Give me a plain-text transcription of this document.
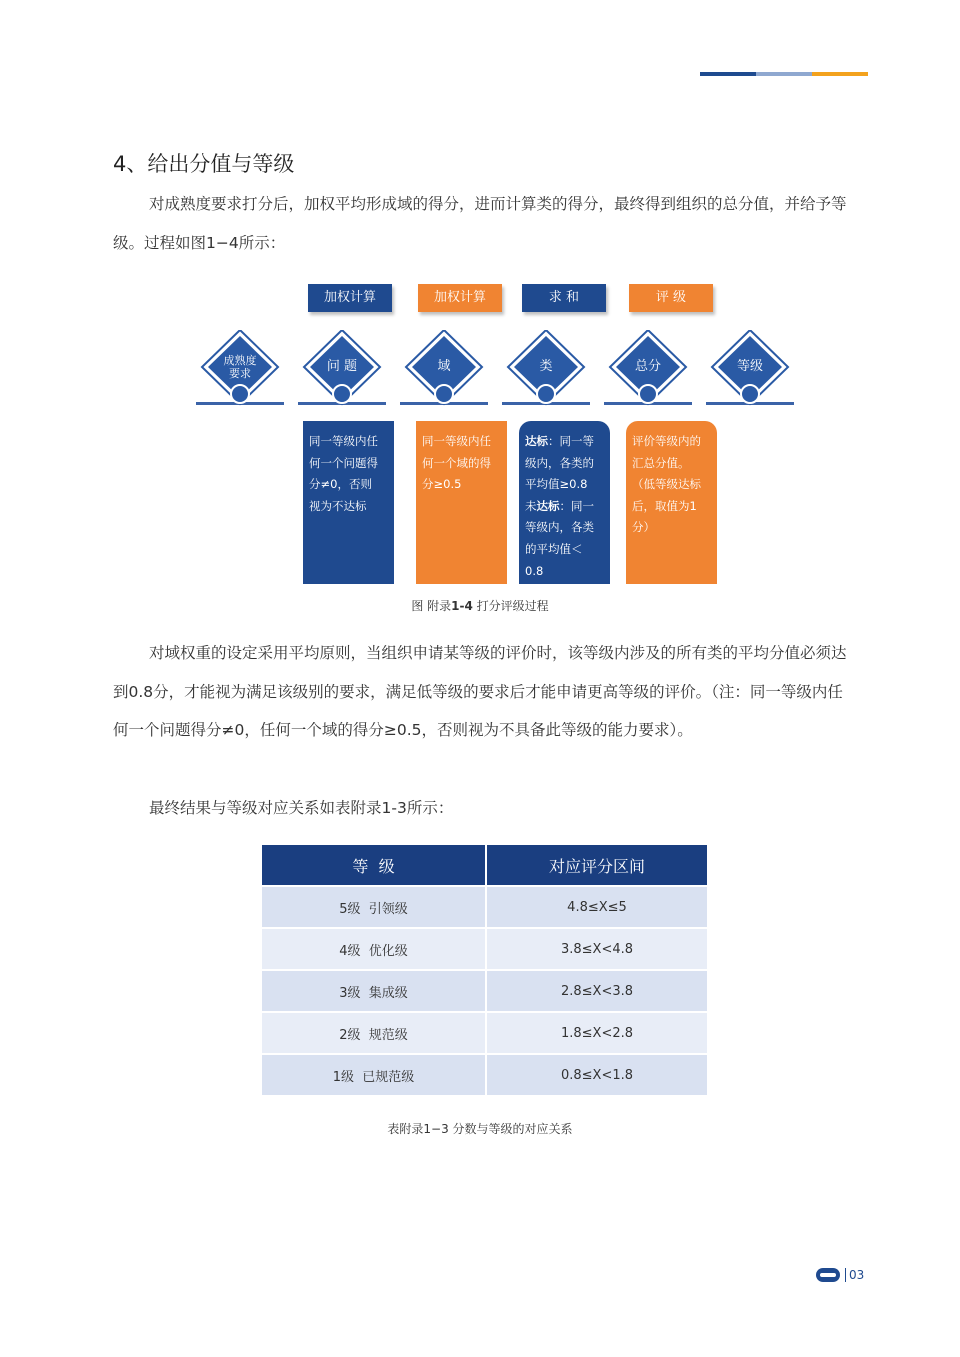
4、给出分值与等级

对成熟度要求打分后，加权平均形成域的得分，进而计算类的得分，最终得到组织的总分值，并给予等级。过程如图1−4所示：

加权计算	加权计算	求 和	评 级
成熟度
要求	问 题	域	类	总分	等级
同一等级内任
何一个问题得
分≠0，否则
视为不达标
同一等级内任
何一个域的得
分≥0.5
达标：同一等
级内，各类的
平均值≥0.8
未达标：同一
等级内，各类
的平均值＜
0.8
评价等级内的
汇总分值。
（低等级达标
后，取值为1
分）
图 附录1-4 打分评级过程

对域权重的设定采用平均原则，当组织申请某等级的评价时，该等级内涉及的所有类的平均分值必须达到0.8分，才能视为满足该级别的要求，满足低等级的要求后才能申请更高等级的评价。（注：同一等级内任何一个问题得分≠0，任何一个域的得分≥0.5，否则视为不具备此等级的能力要求）。

最终结果与等级对应关系如表附录1-3所示：

等  级	对应评分区间
5级  引领级	4.8≤X≤5
4级  优化级	3.8≤X<4.8
3级  集成级	2.8≤X<3.8
2级  规范级	1.8≤X<2.8
1级  已规范级	0.8≤X<1.8
表附录1−3 分数与等级的对应关系
03
